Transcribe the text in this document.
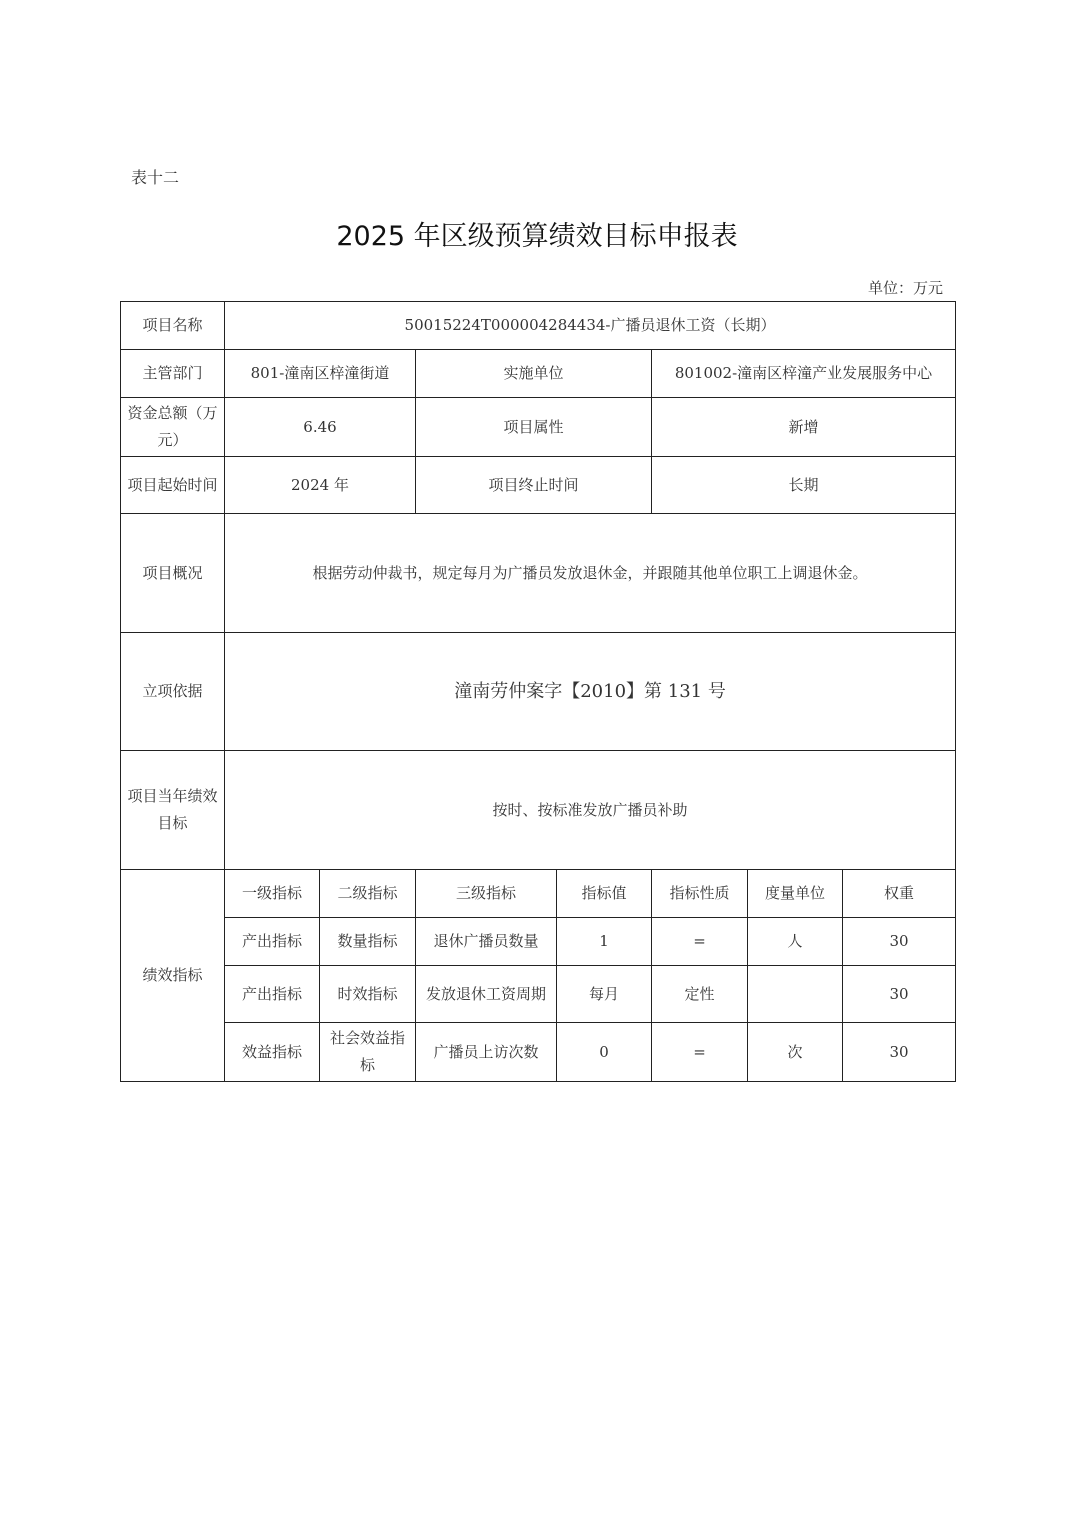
表十二
2025 年区级预算绩效目标申报表
单位：万元
项目名称	50015224T000004284434-广播员退休工资（长期）						
主管部门	801-潼南区梓潼街道		实施单位		801002-潼南区梓潼产业发展服务中心		
资金总额（万元）	6.46		项目属性		新增		
项目起始时间	2024 年		项目终止时间		长期		
项目概况	根据劳动仲裁书，规定每月为广播员发放退休金，并跟随其他单位职工上调退休金。						
立项依据	潼南劳仲案字【2010】第 131 号						
项目当年绩效目标	按时、按标准发放广播员补助						
绩效指标	一级指标	二级指标	三级指标	指标值	指标性质	度量单位	权重
	产出指标	数量指标	退休广播员数量	1	=	人	30
	产出指标	时效指标	发放退休工资周期	每月	定性		30
	效益指标	社会效益指标	广播员上访次数	0	=	次	30
